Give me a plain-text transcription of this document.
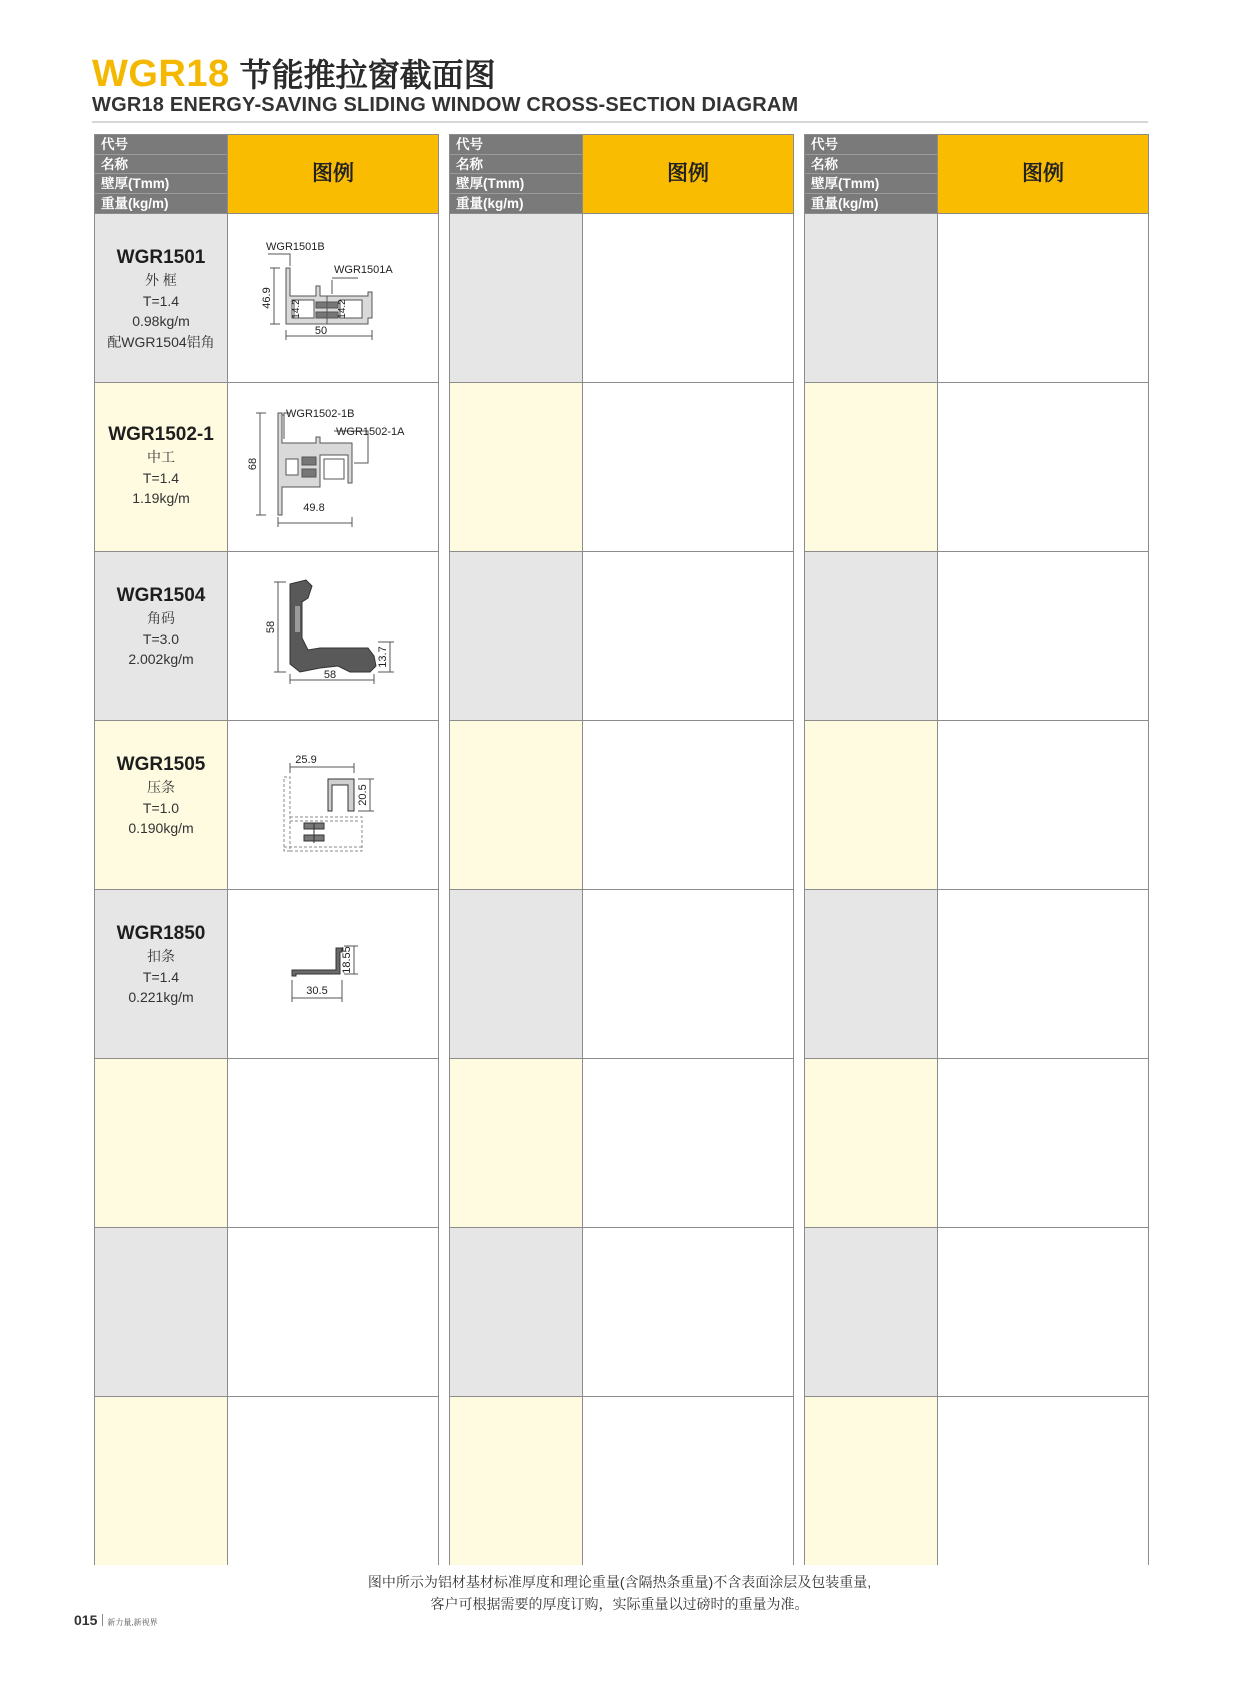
WGR18 节能推拉窗截面图
WGR18 ENERGY-SAVING SLIDING WINDOW CROSS-SECTION DIAGRAM
代号
名称
壁厚(Tmm)
重量(kg/m)
图例
WGR1501
外 框
T=1.4
0.98kg/m
配WGR1504铝角
WGR1501B
WGR1501A
50
46.9
14.2	14.2
WGR1502-1
中工
T=1.4
1.19kg/m
WGR1502-1B
WGR1502-1A
49.8
68
WGR1504
角码
T=3.0
2.002kg/m
58
58
13.7
WGR1505
压条
T=1.0
0.190kg/m
25.9
20.5
WGR1850
扣条
T=1.4
0.221kg/m	30.5
18.55
代号
名称
壁厚(Tmm)
重量(kg/m)
图例
代号
名称
壁厚(Tmm)
重量(kg/m)
图例
图中所示为铝材基材标准厚度和理论重量(含隔热条重量)不含表面涂层及包装重量,
客户可根据需要的厚度订购，实际重量以过磅时的重量为准。
015 新力量,新视界
